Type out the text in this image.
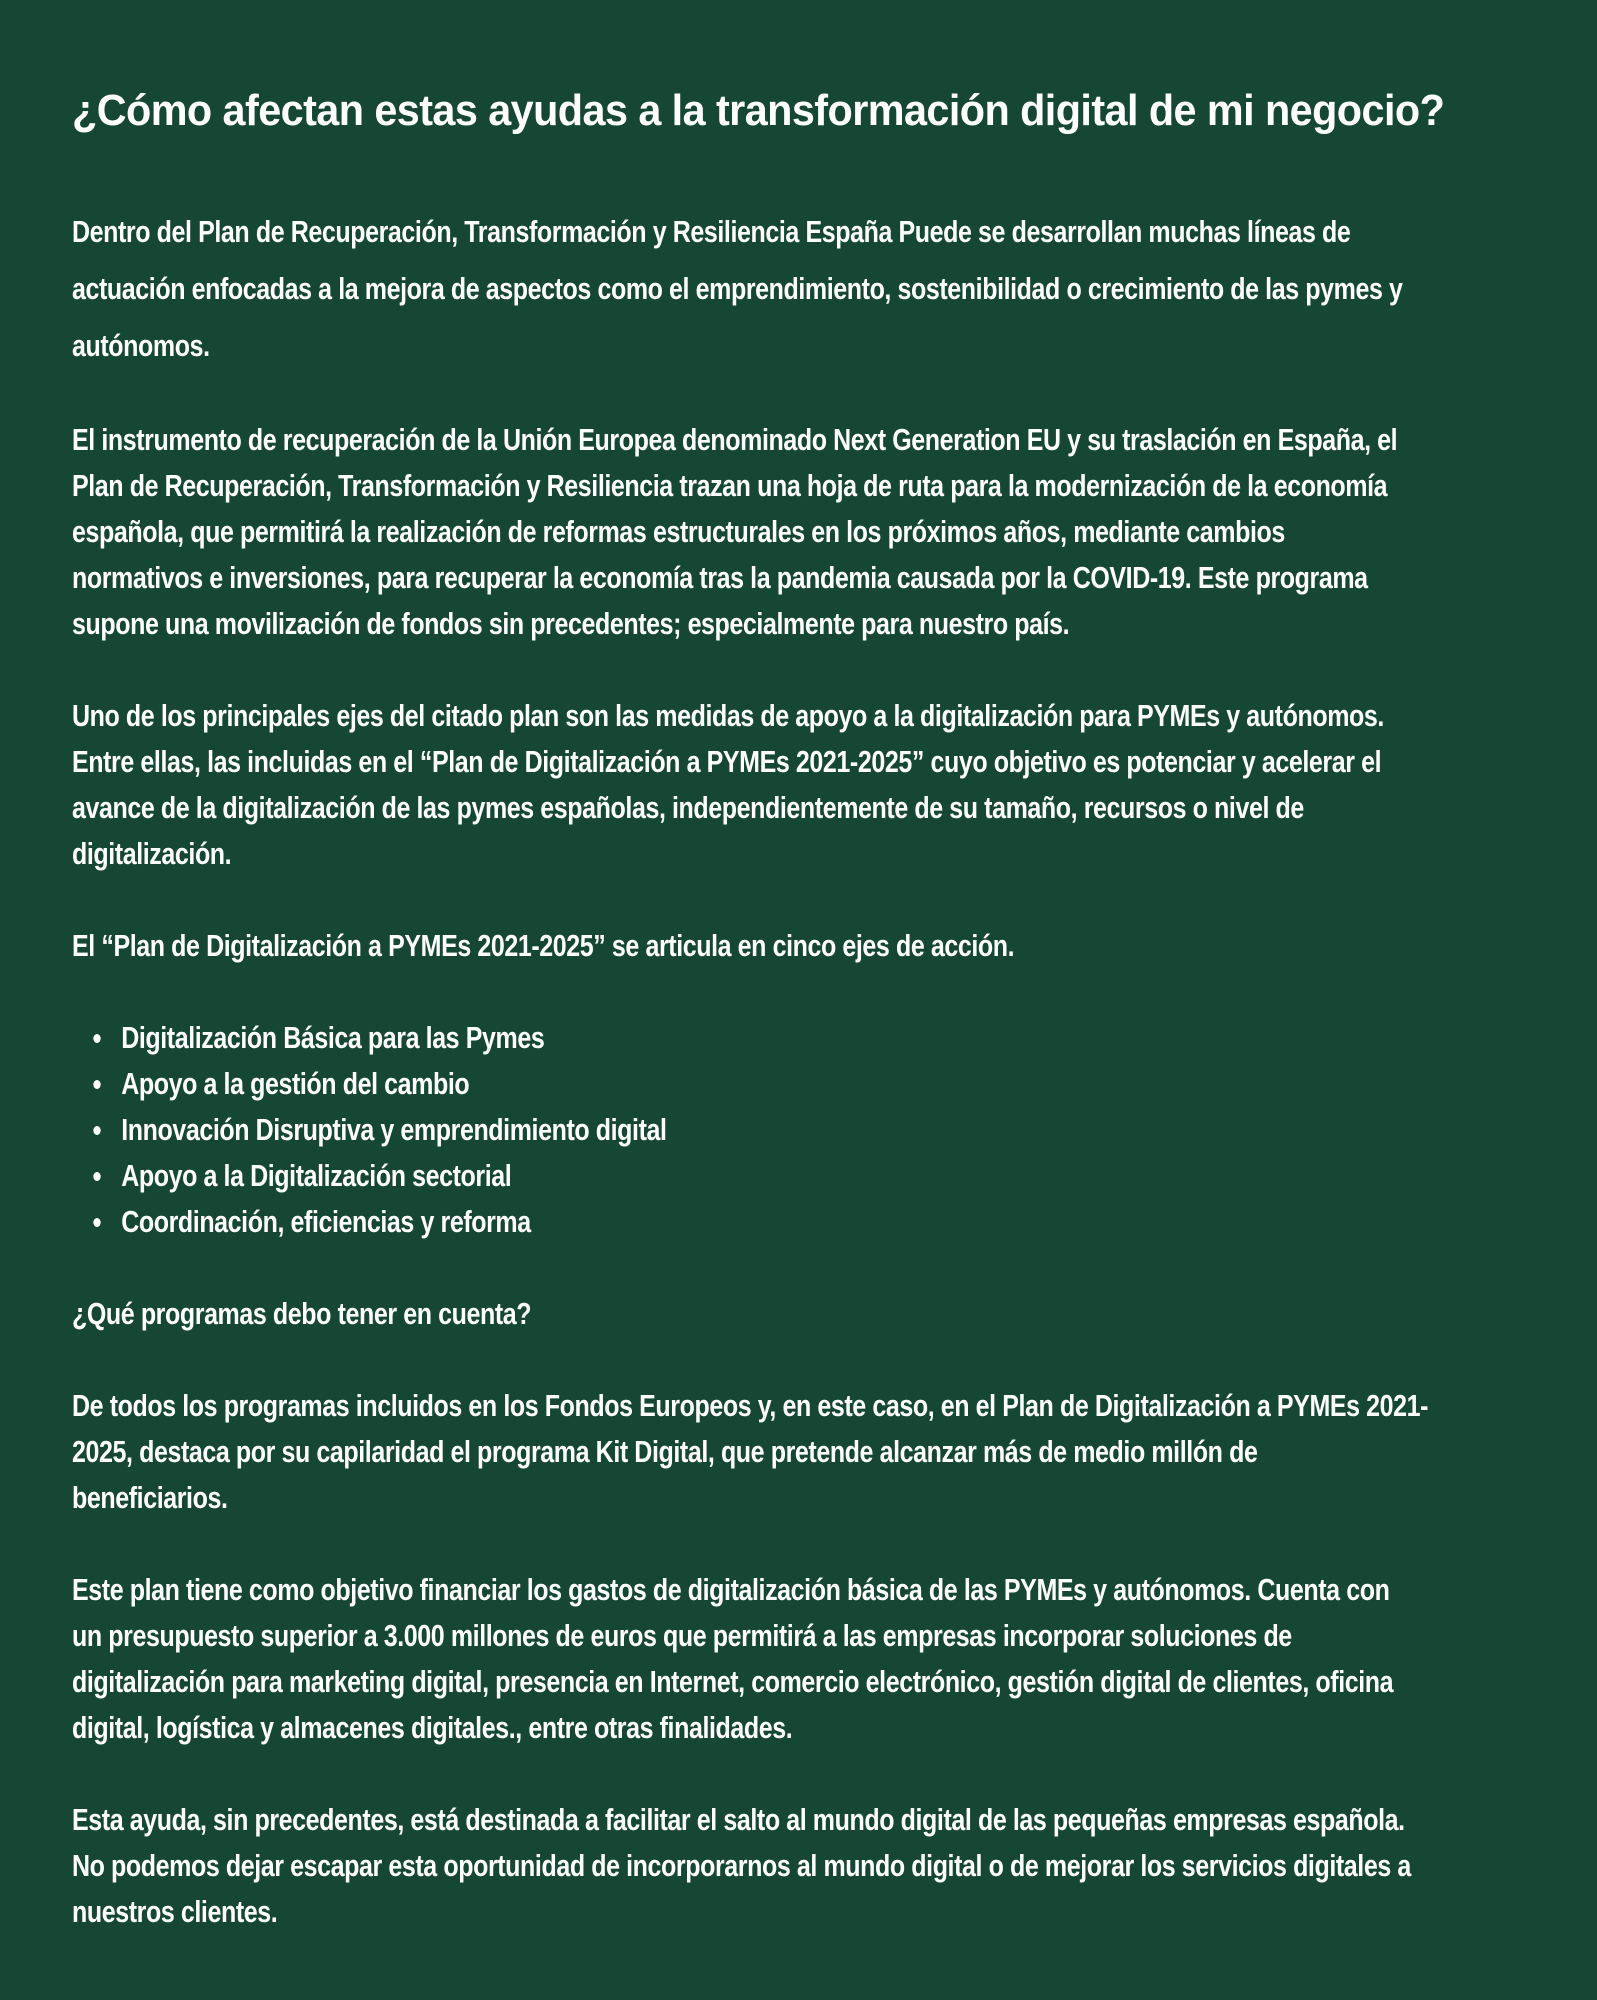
¿Cómo afectan estas ayudas a la transformación digital de mi negocio?

Dentro del Plan de Recuperación, Transformación y Resiliencia España Puede se desarrollan muchas líneas de
actuación enfocadas a la mejora de aspectos como el emprendimiento, sostenibilidad o crecimiento de las pymes y
autónomos.

El instrumento de recuperación de la Unión Europea denominado Next Generation EU y su traslación en España, el
Plan de Recuperación, Transformación y Resiliencia trazan una hoja de ruta para la modernización de la economía
española, que permitirá la realización de reformas estructurales en los próximos años, mediante cambios
normativos e inversiones, para recuperar la economía tras la pandemia causada por la COVID-19. Este programa
supone una movilización de fondos sin precedentes; especialmente para nuestro país.

Uno de los principales ejes del citado plan son las medidas de apoyo a la digitalización para PYMEs y autónomos.
Entre ellas, las incluidas en el “Plan de Digitalización a PYMEs 2021-2025” cuyo objetivo es potenciar y acelerar el
avance de la digitalización de las pymes españolas, independientemente de su tamaño, recursos o nivel de
digitalización.

El “Plan de Digitalización a PYMEs 2021-2025” se articula en cinco ejes de acción.

Digitalización Básica para las Pymes
Apoyo a la gestión del cambio
Innovación Disruptiva y emprendimiento digital
Apoyo a la Digitalización sectorial
Coordinación, eficiencias y reforma

¿Qué programas debo tener en cuenta?

De todos los programas incluidos en los Fondos Europeos y, en este caso, en el Plan de Digitalización a PYMEs 2021-
2025, destaca por su capilaridad el programa Kit Digital, que pretende alcanzar más de medio millón de
beneficiarios.

Este plan tiene como objetivo financiar los gastos de digitalización básica de las PYMEs y autónomos. Cuenta con
un presupuesto superior a 3.000 millones de euros que permitirá a las empresas incorporar soluciones de
digitalización para marketing digital, presencia en Internet, comercio electrónico, gestión digital de clientes, oficina
digital, logística y almacenes digitales., entre otras finalidades.

Esta ayuda, sin precedentes, está destinada a facilitar el salto al mundo digital de las pequeñas empresas española.
No podemos dejar escapar esta oportunidad de incorporarnos al mundo digital o de mejorar los servicios digitales a
nuestros clientes.
